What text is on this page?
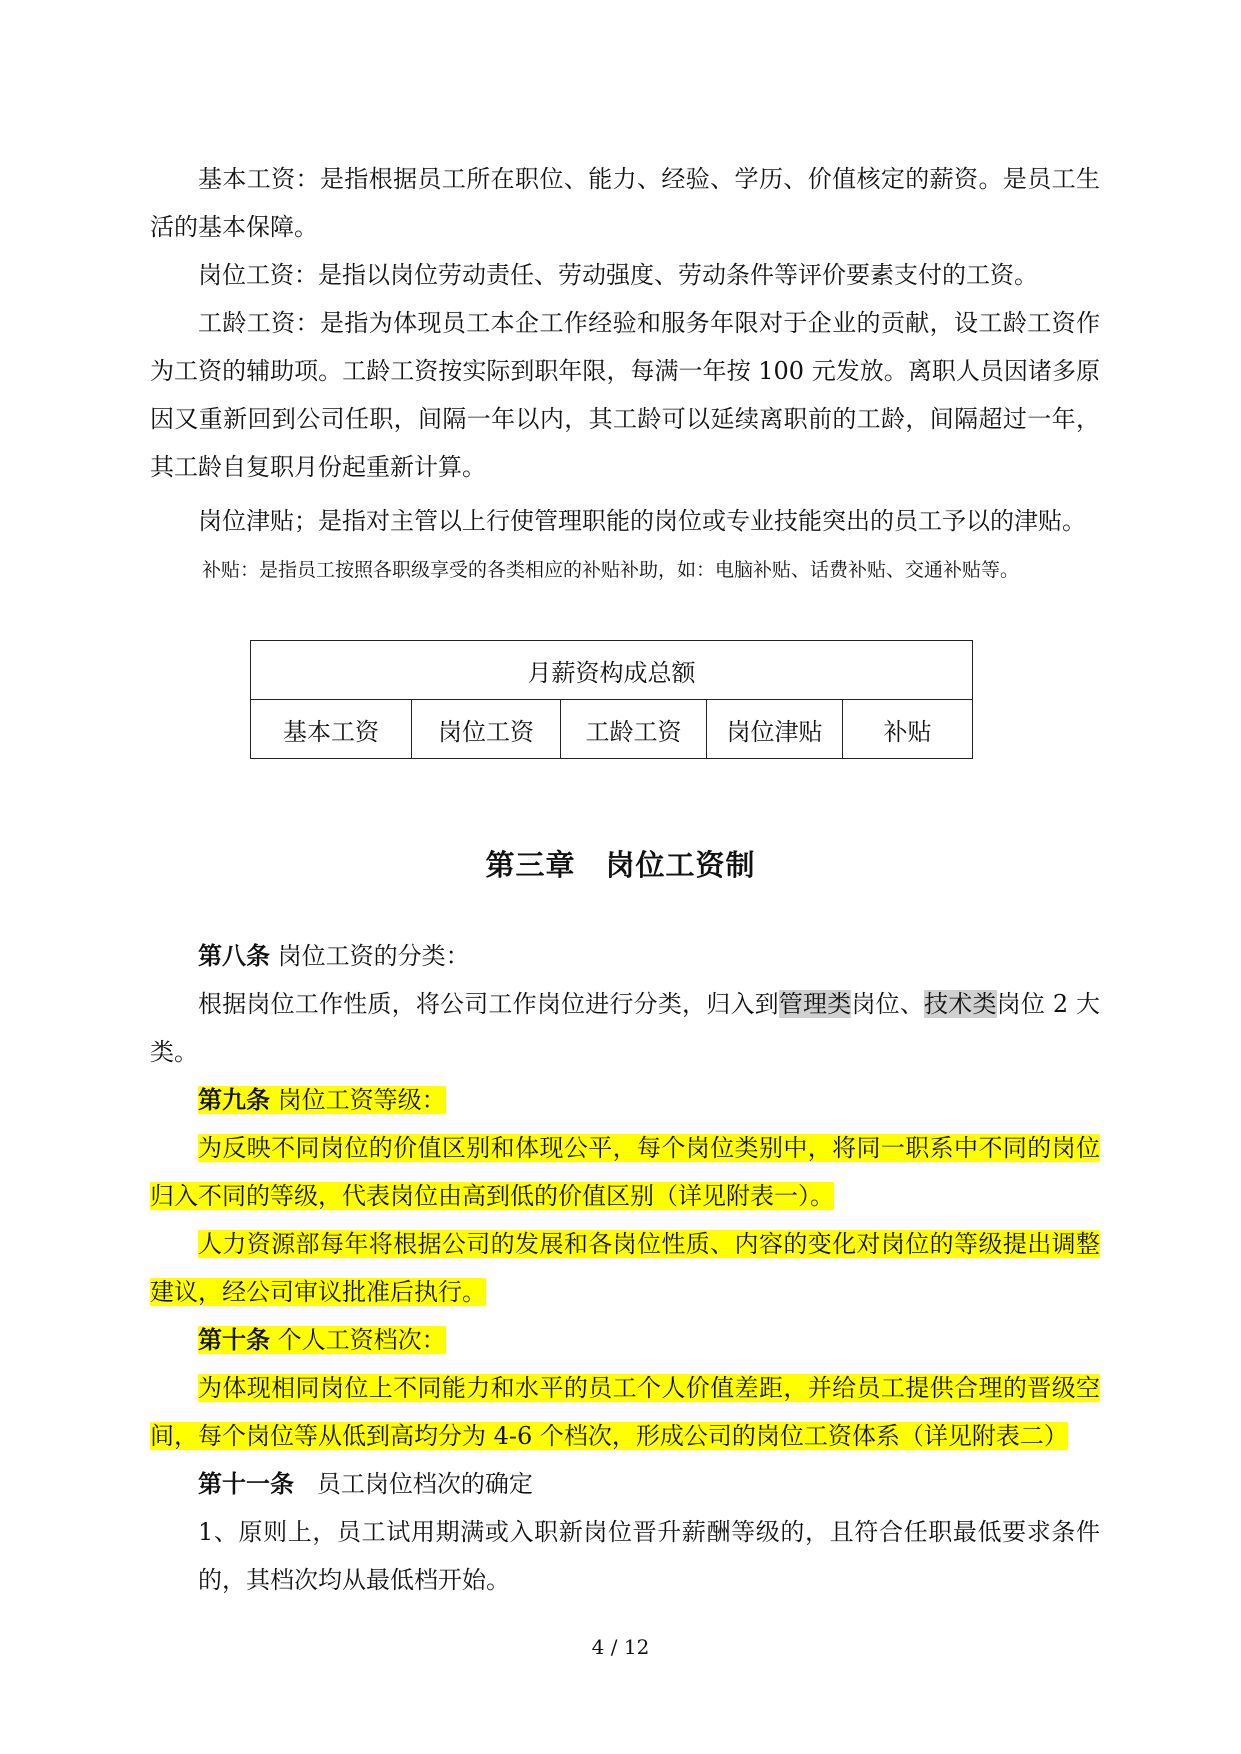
基本工资：是指根据员工所在职位、能力、经验、学历、价值核定的薪资。是员工生活的基本保障。

岗位工资：是指以岗位劳动责任、劳动强度、劳动条件等评价要素支付的工资。

工龄工资：是指为体现员工本企工作经验和服务年限对于企业的贡献，设工龄工资作为工资的辅助项。工龄工资按实际到职年限，每满一年按 100 元发放。离职人员因诸多原因又重新回到公司任职，间隔一年以内，其工龄可以延续离职前的工龄，间隔超过一年，其工龄自复职月份起重新计算。

岗位津贴；是指对主管以上行使管理职能的岗位或专业技能突出的员工予以的津贴。

补贴：是指员工按照各职级享受的各类相应的补贴补助，如：电脑补贴、话费补贴、交通补贴等。

月薪资构成总额
基本工资	岗位工资	工龄工资	岗位津贴	补贴
第三章　岗位工资制

第八条 岗位工资的分类：

根据岗位工作性质，将公司工作岗位进行分类，归入到管理类岗位、技术类岗位 2 大类。

第九条 岗位工资等级：

为反映不同岗位的价值区别和体现公平，每个岗位类别中，将同一职系中不同的岗位归入不同的等级，代表岗位由高到低的价值区别（详见附表一）。

人力资源部每年将根据公司的发展和各岗位性质、内容的变化对岗位的等级提出调整建议，经公司审议批准后执行。

第十条 个人工资档次：

为体现相同岗位上不同能力和水平的员工个人价值差距，并给员工提供合理的晋级空间，每个岗位等从低到高均分为 4-6 个档次，形成公司的岗位工资体系（详见附表二）

第十一条 员工岗位档次的确定

1、原则上，员工试用期满或入职新岗位晋升薪酬等级的，且符合任职最低要求条件的，其档次均从最低档开始。

4 / 12
